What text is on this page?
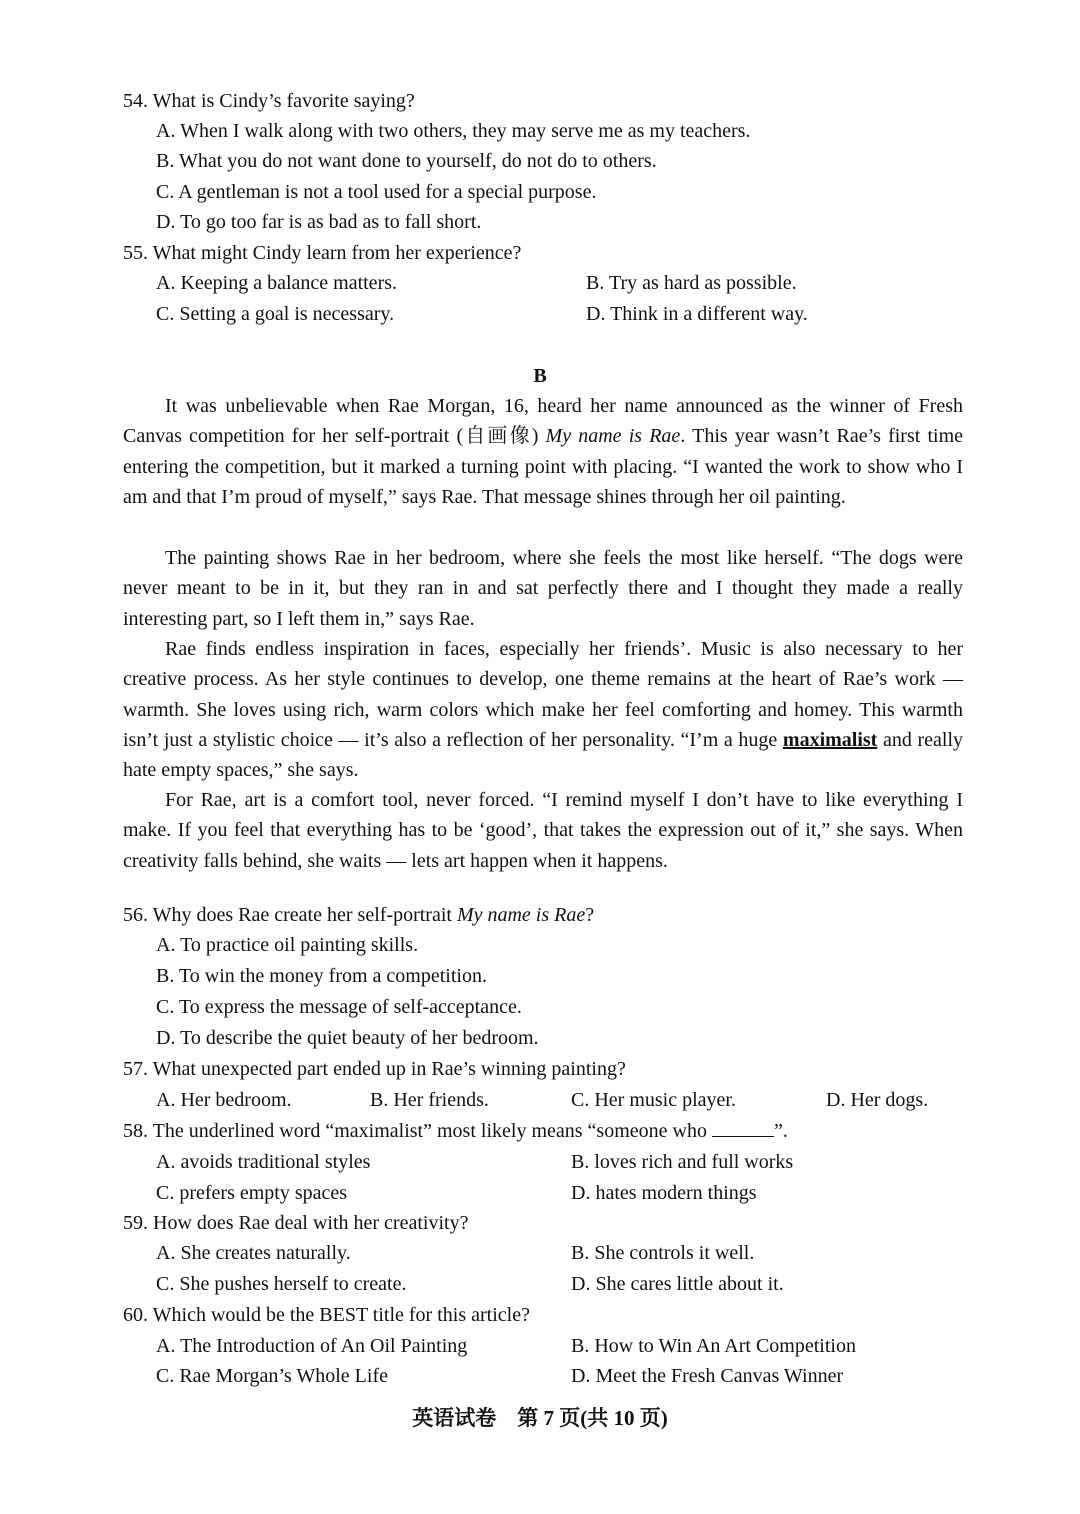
54. What is Cindy’s favorite saying?
A. When I walk along with two others, they may serve me as my teachers.
B. What you do not want done to yourself, do not do to others.
C. A gentleman is not a tool used for a special purpose.
D. To go too far is as bad as to fall short.
55. What might Cindy learn from her experience?
A. Keeping a balance matters.	B. Try as hard as possible.
C. Setting a goal is necessary.	D. Think in a different way.
B
It was unbelievable when Rae Morgan, 16, heard her name announced as the winner of Fresh Canvas competition for her self-portrait (自画像) My name is Rae. This year wasn’t Rae’s first time entering the competition, but it marked a turning point with placing. “I wanted the work to show who I am and that I’m proud of myself,” says Rae. That message shines through her oil painting.
The painting shows Rae in her bedroom, where she feels the most like herself. “The dogs were never meant to be in it, but they ran in and sat perfectly there and I thought they made a really interesting part, so I left them in,” says Rae.
Rae finds endless inspiration in faces, especially her friends’. Music is also necessary to her creative process. As her style continues to develop, one theme remains at the heart of Rae’s work — warmth. She loves using rich, warm colors which make her feel comforting and homey. This warmth isn’t just a stylistic choice — it’s also a reflection of her personality. “I’m a huge maximalist and really hate empty spaces,” she says.
For Rae, art is a comfort tool, never forced. “I remind myself I don’t have to like everything I make. If you feel that everything has to be ‘good’, that takes the expression out of it,” she says. When creativity falls behind, she waits — lets art happen when it happens.
56. Why does Rae create her self-portrait My name is Rae?
A. To practice oil painting skills.
B. To win the money from a competition.
C. To express the message of self-acceptance.
D. To describe the quiet beauty of her bedroom.
57. What unexpected part ended up in Rae’s winning painting?
A. Her bedroom.	B. Her friends.	C. Her music player.	D. Her dogs.
58. The underlined word “maximalist” most likely means “someone who	”.
A. avoids traditional styles	B. loves rich and full works
C. prefers empty spaces	D. hates modern things
59. How does Rae deal with her creativity?
A. She creates naturally.	B. She controls it well.
C. She pushes herself to create.	D. She cares little about it.
60. Which would be the BEST title for this article?
A. The Introduction of An Oil Painting	B. How to Win An Art Competition
C. Rae Morgan’s Whole Life	D. Meet the Fresh Canvas Winner
英语试卷　第 7 页(共 10 页)
